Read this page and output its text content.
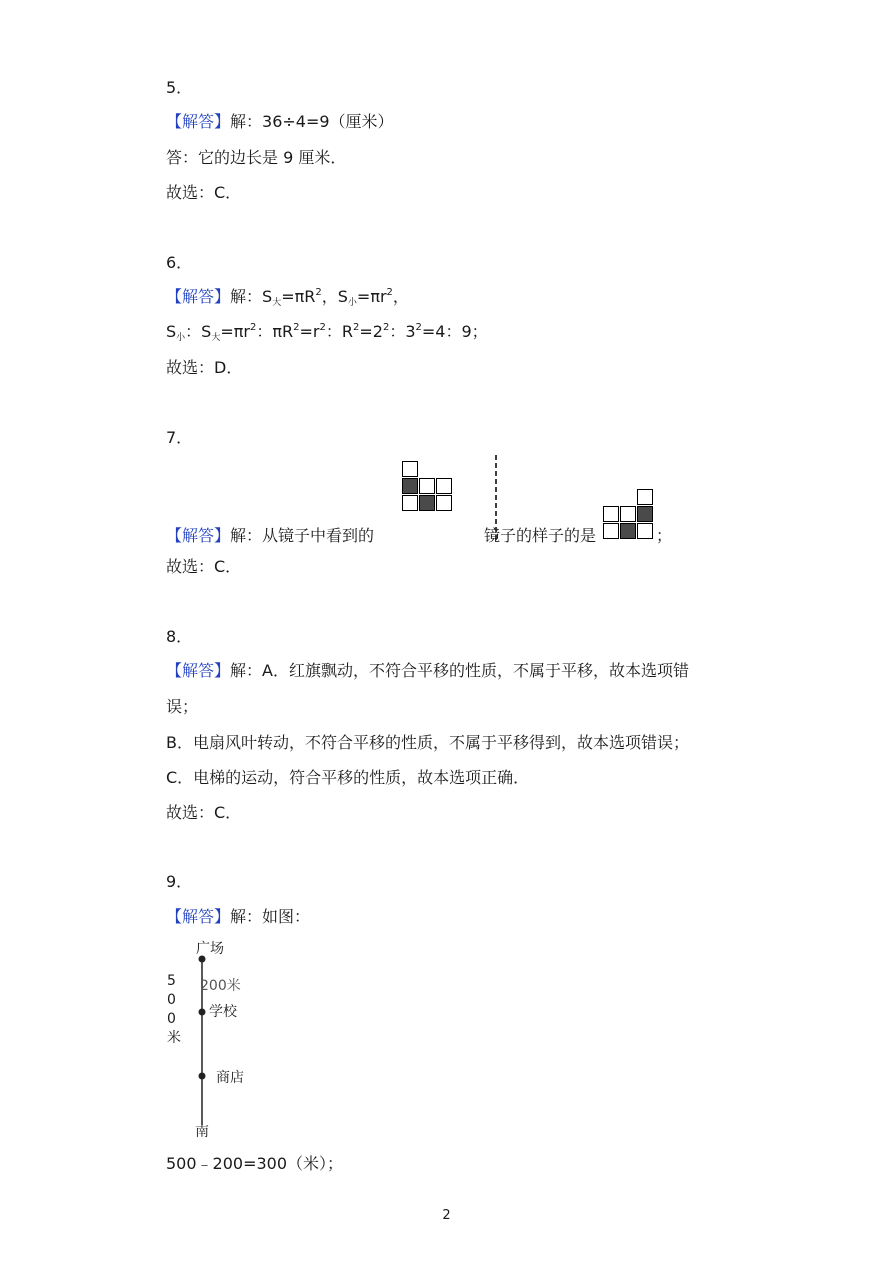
5．
【解答】解：36÷4=9（厘米）
答：它的边长是 9 厘米．
故选：C．
6．
【解答】解：$S_大=\pi R^2$，$S_小=\pi r^2$，
$S_小$：$S_大=\pi r^2$：$\pi R^2=r^2$：$R^2=2^2$：$3^2=4$：9；
故选：D．
7．
【解答】解：从镜子中看到的	镜子的样子的是	；
故选：C．
8．
【解答】解：A．红旗飘动，不符合平移的性质，不属于平移，故本选项错
误；
B．电扇风叶转动，不符合平移的性质，不属于平移得到，故本选项错误；
C．电梯的运动，符合平移的性质，故本选项正确．
故选：C．
9．
【解答】解：如图：
广场
200米
学校
商店
南
5
0
0
米
500﹣200=300（米）；
2
